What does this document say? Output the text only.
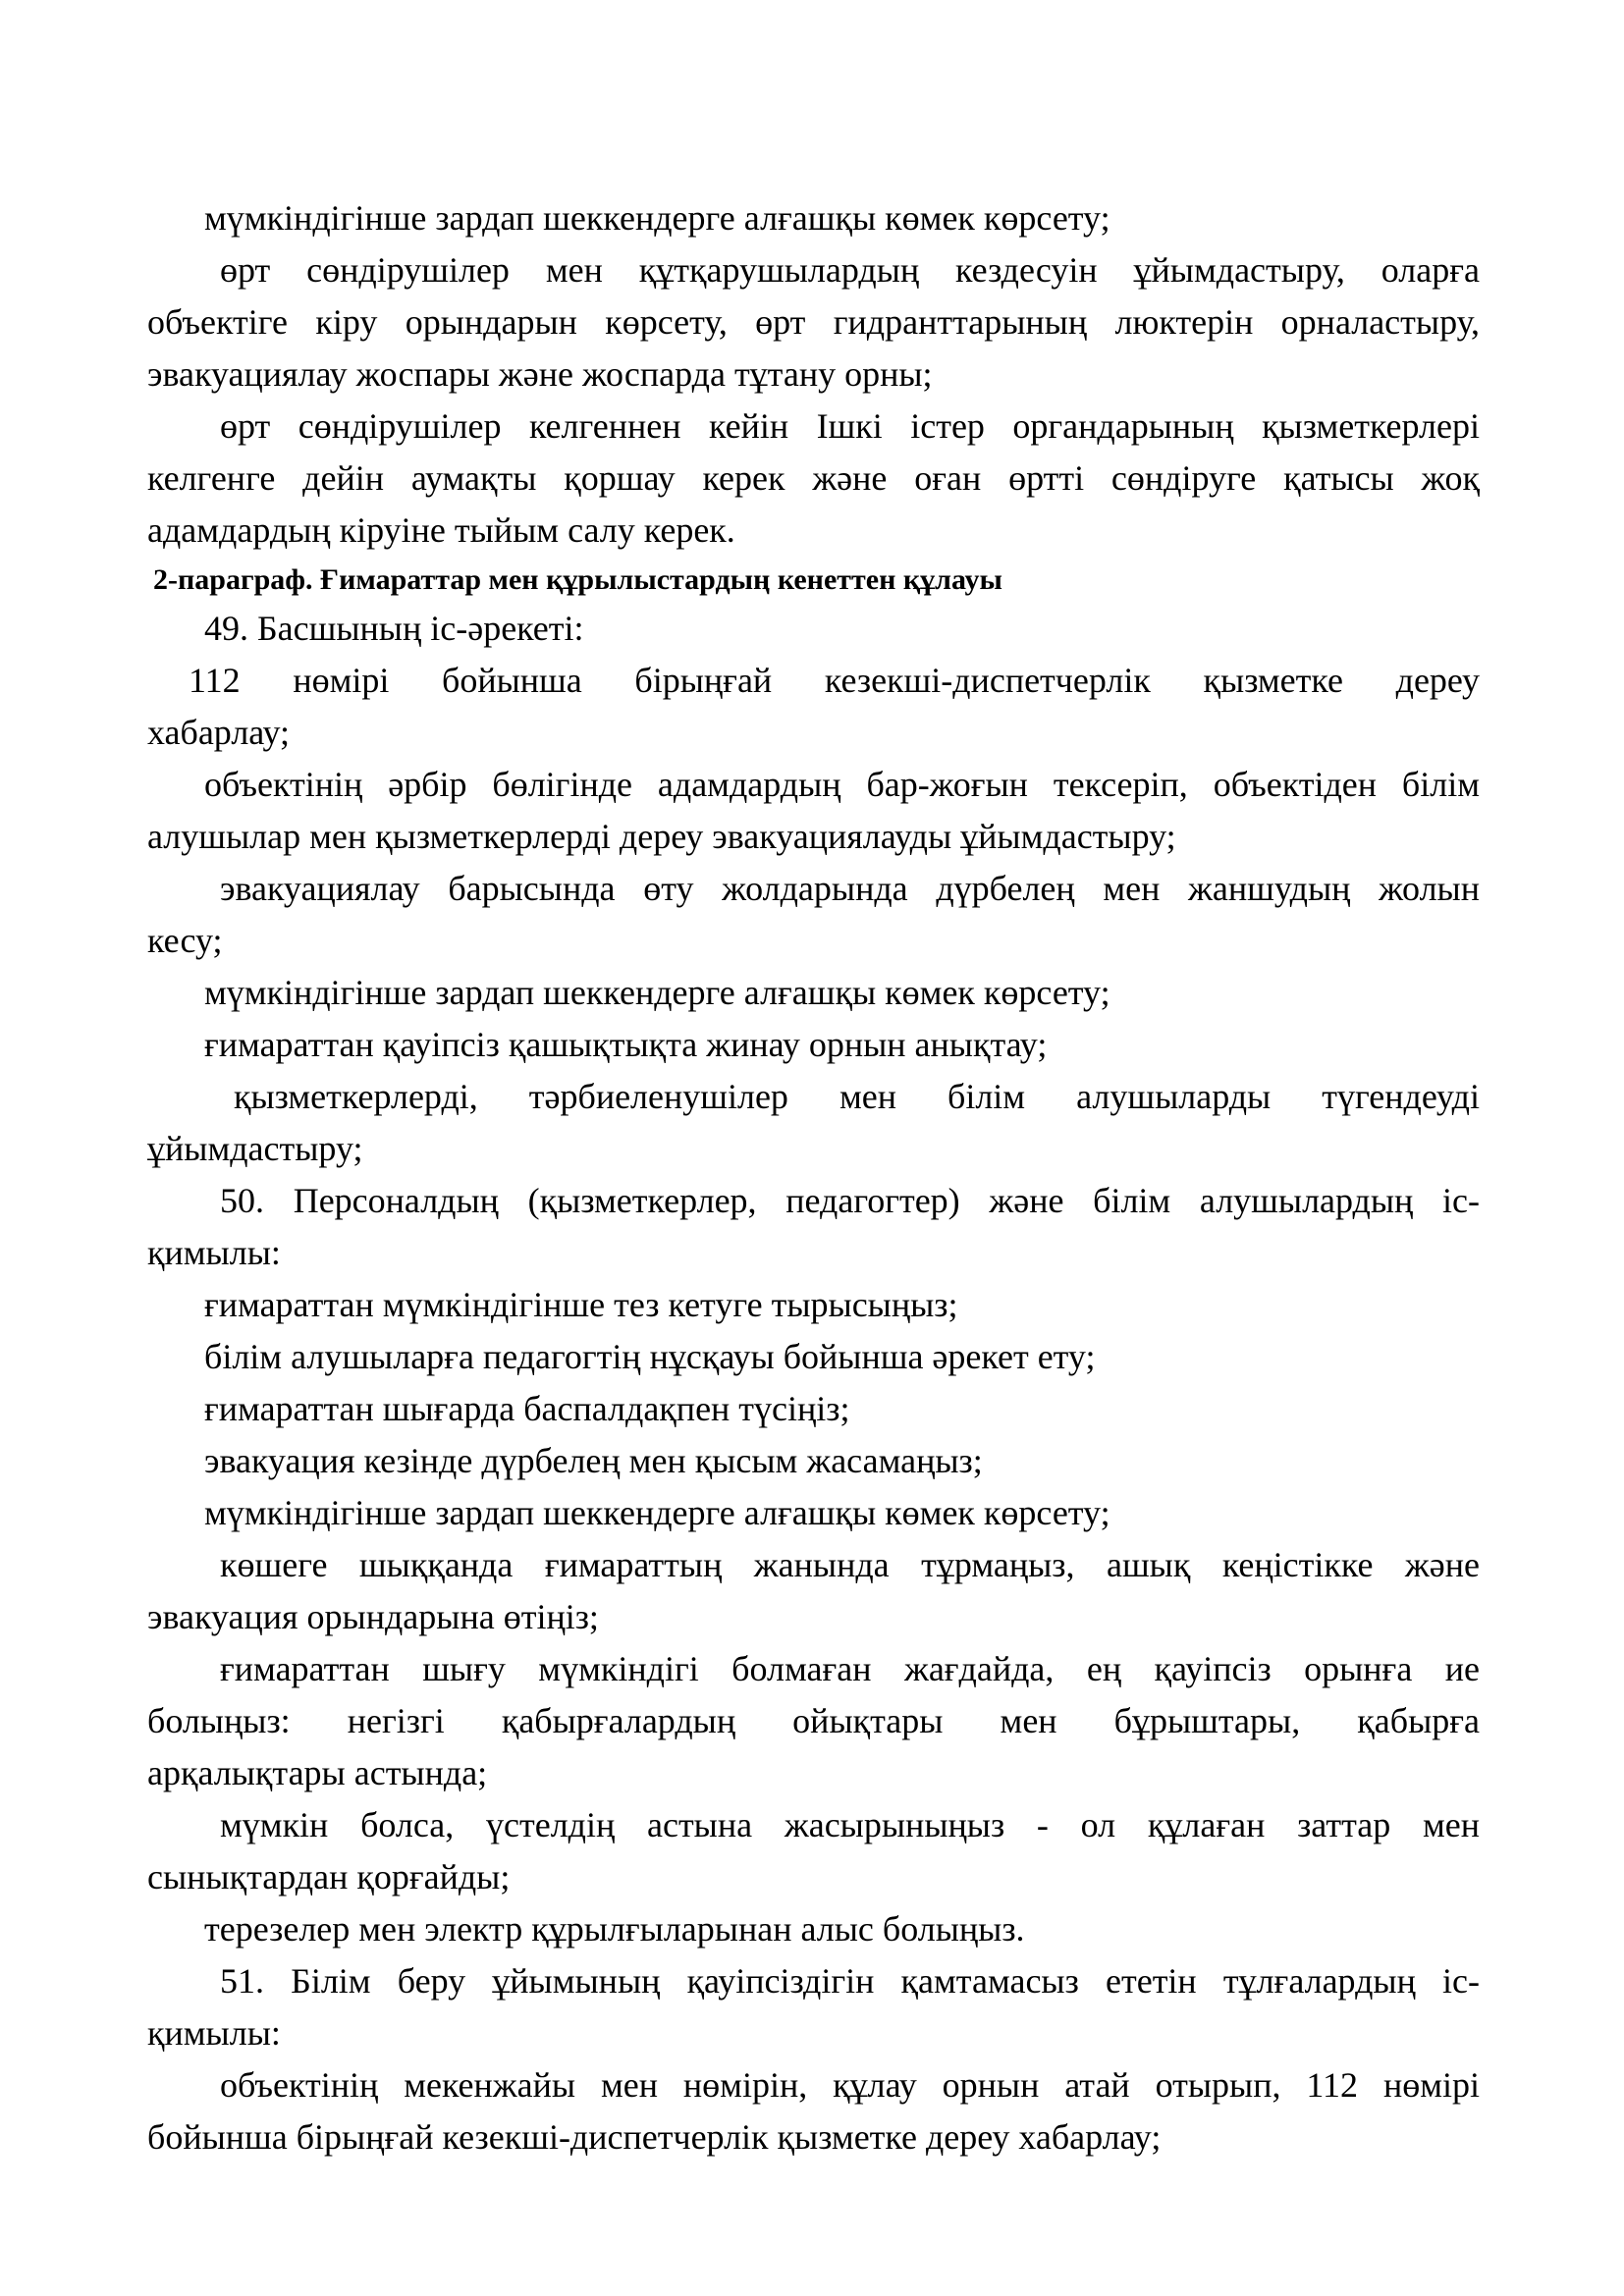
мүмкіндігінше зардап шеккендерге алғашқы көмек көрсету;
өрт сөндірушілер мен құтқарушылардың кездесуін ұйымдастыру, оларға
объектіге кіру орындарын көрсету, өрт гидранттарының люктерін орналастыру,
эвакуациялау жоспары және жоспарда тұтану орны;
өрт сөндірушілер келгеннен кейін Ішкі істер органдарының қызметкерлері
келгенге дейін аумақты қоршау керек және оған өртті сөндіруге қатысы жоқ
адамдардың кіруіне тыйым салу керек.
2-параграф. Ғимараттар мен құрылыстардың кенеттен құлауы
49. Басшының іс-әрекеті:
112 нөмірі бойынша бірыңғай кезекші-диспетчерлік қызметке дереу
хабарлау;
объектінің әрбір бөлігінде адамдардың бар-жоғын тексеріп, объектіден білім
алушылар мен қызметкерлерді дереу эвакуациялауды ұйымдастыру;
эвакуациялау барысында өту жолдарында дүрбелең мен жаншудың жолын
кесу;
мүмкіндігінше зардап шеккендерге алғашқы көмек көрсету;
ғимараттан қауіпсіз қашықтықта жинау орнын анықтау;
қызметкерлерді, тәрбиеленушілер мен білім алушыларды түгендеуді
ұйымдастыру;
50. Персоналдың (қызметкерлер, педагогтер) және білім алушылардың іс-
қимылы:
ғимараттан мүмкіндігінше тез кетуге тырысыңыз;
білім алушыларға педагогтің нұсқауы бойынша әрекет ету;
ғимараттан шығарда баспалдақпен түсіңіз;
эвакуация кезінде дүрбелең мен қысым жасамаңыз;
мүмкіндігінше зардап шеккендерге алғашқы көмек көрсету;
көшеге шыққанда ғимараттың жанында тұрмаңыз, ашық кеңістікке және
эвакуация орындарына өтіңіз;
ғимараттан шығу мүмкіндігі болмаған жағдайда, ең қауіпсіз орынға ие
болыңыз: негізгі қабырғалардың ойықтары мен бұрыштары, қабырға
арқалықтары астында;
мүмкін болса, үстелдің астына жасырыныңыз - ол құлаған заттар мен
сынықтардан қорғайды;
терезелер мен электр құрылғыларынан алыс болыңыз.
51. Білім беру ұйымының қауіпсіздігін қамтамасыз ететін тұлғалардың іс-
қимылы:
объектінің мекенжайы мен нөмірін, құлау орнын атай отырып, 112 нөмірі
бойынша бірыңғай кезекші-диспетчерлік қызметке дереу хабарлау;
